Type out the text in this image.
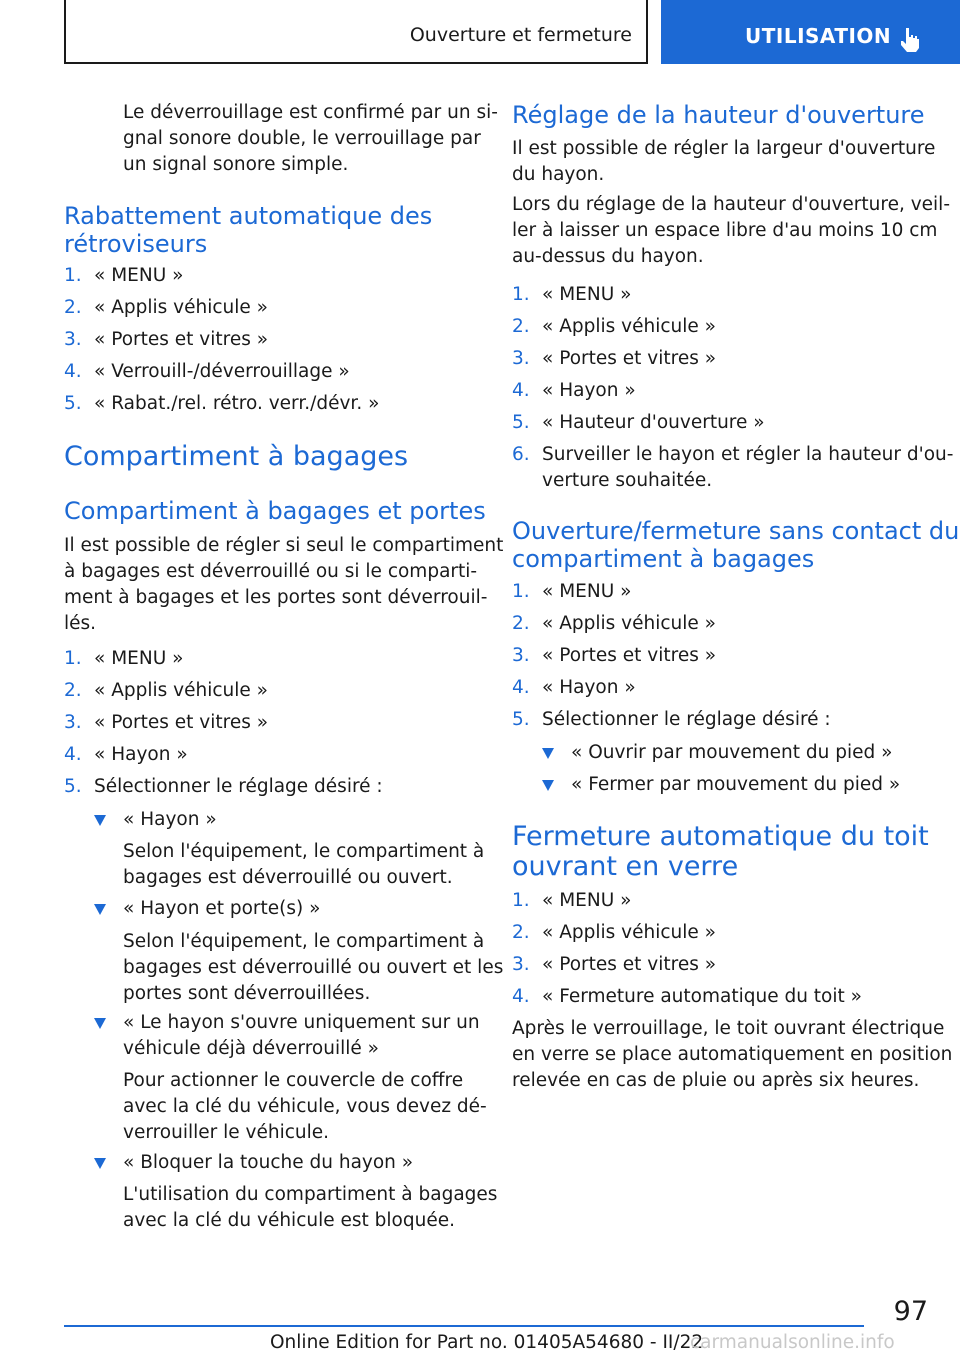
Ouverture et fermeture	UTILISATION
Le déverrouillage est confirmé par un si-
gnal sonore double, le verrouillage par
un signal sonore simple.
Rabattement automatique des
rétroviseurs
1. « MENU »
2. « Applis véhicule »
3. « Portes et vitres »
4. « Verrouill-/déverrouillage »
5. « Rabat./rel. rétro. verr./dévr. »
Compartiment à bagages
Compartiment à bagages et portes
Il est possible de régler si seul le compartiment
à bagages est déverrouillé ou si le comparti-
ment à bagages et les portes sont déverrouil-
lés.
1. « MENU »
2. « Applis véhicule »
3. « Portes et vitres »
4. « Hayon »
5. Sélectionner le réglage désiré :
« Hayon »
Selon l'équipement, le compartiment à
bagages est déverrouillé ou ouvert.
« Hayon et porte(s) »
Selon l'équipement, le compartiment à
bagages est déverrouillé ou ouvert et les
portes sont déverrouillées.
« Le hayon s'ouvre uniquement sur un
véhicule déjà déverrouillé »
Pour actionner le couvercle de coffre
avec la clé du véhicule, vous devez dé-
verrouiller le véhicule.
« Bloquer la touche du hayon »
L'utilisation du compartiment à bagages
avec la clé du véhicule est bloquée.
Réglage de la hauteur d'ouverture
Il est possible de régler la largeur d'ouverture
du hayon.
Lors du réglage de la hauteur d'ouverture, veil-
ler à laisser un espace libre d'au moins 10 cm
au-dessus du hayon.
1. « MENU »
2. « Applis véhicule »
3. « Portes et vitres »
4. « Hayon »
5. « Hauteur d'ouverture »
6. Surveiller le hayon et régler la hauteur d'ou-
verture souhaitée.
Ouverture/fermeture sans contact du
compartiment à bagages
1. « MENU »
2. « Applis véhicule »
3. « Portes et vitres »
4. « Hayon »
5. Sélectionner le réglage désiré :
« Ouvrir par mouvement du pied »
« Fermer par mouvement du pied »
Fermeture automatique du toit
ouvrant en verre
1. « MENU »
2. « Applis véhicule »
3. « Portes et vitres »
4. « Fermeture automatique du toit »
Après le verrouillage, le toit ouvrant électrique
en verre se place automatiquement en position
relevée en cas de pluie ou après six heures.
97
Online Edition for Part no. 01405A54680 - II/22
carmanualsonline.info
